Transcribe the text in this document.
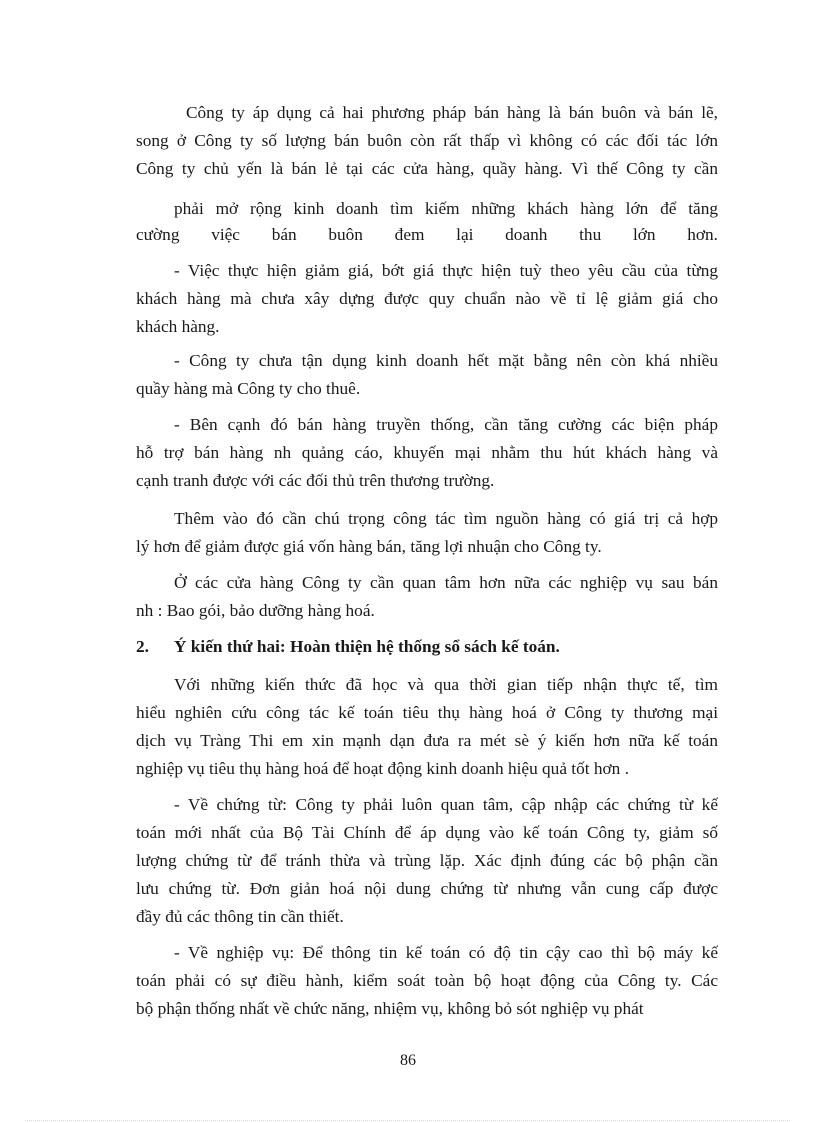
Công ty áp dụng cả hai phương pháp bán hàng là bán buôn và bán lẽ,
song ở Công ty số lượng bán buôn còn rất thấp vì không có các đối tác lớn
Công ty chủ yến là bán lẻ tại các cửa hàng, quầy hàng. Vì thế Công ty cần
phải mở rộng kinh doanh tìm kiếm những khách hàng lớn để tăng
cường việc bán buôn đem lại doanh thu lớn hơn.
- Việc thực hiện giảm giá, bớt giá thực hiện tuỳ theo yêu cầu của từng
khách hàng mà chưa xây dựng được quy chuẩn nào về tỉ lệ giảm giá cho
khách hàng.
- Công ty chưa tận dụng kinh doanh hết mặt bằng nên còn khá nhiều
quầy hàng mà Công ty cho thuê.
- Bên cạnh đó bán hàng truyền thống, cần tăng cường các biện pháp
hỗ trợ bán hàng nh quảng cáo, khuyến mại nhằm thu hút khách hàng và
cạnh tranh được với các đối thủ trên thương trường.
Thêm vào đó cần chú trọng công tác tìm nguồn hàng có giá trị cả hợp
lý hơn để giảm được giá vốn hàng bán, tăng lợi nhuận cho Công ty.
Ở các cửa hàng Công ty cần quan tâm hơn nữa các nghiệp vụ sau bán
nh : Bao gói, bảo dưỡng hàng hoá.
2. Ý kiến thứ hai: Hoàn thiện hệ thống sổ sách kế toán.
Với những kiến thức đã học và qua thời gian tiếp nhận thực tế, tìm
hiểu nghiên cứu công tác kế toán tiêu thụ hàng hoá ở Công ty thương mại
dịch vụ Tràng Thi em xin mạnh dạn đưa ra mét sè ý kiến hơn nữa kế toán
nghiệp vụ tiêu thụ hàng hoá để hoạt động kinh doanh hiệu quả tốt hơn .
- Về chứng từ: Công ty phải luôn quan tâm, cập nhập các chứng từ kế
toán mới nhất của Bộ Tài Chính để áp dụng vào kế toán Công ty, giảm số
lượng chứng từ để tránh thừa và trùng lặp. Xác định đúng các bộ phận cần
lưu chứng từ. Đơn giản hoá nội dung chứng từ nhưng vẫn cung cấp được
đầy đủ các thông tin cần thiết.
- Về nghiệp vụ: Để thông tin kế toán có độ tin cậy cao thì bộ máy kế
toán phải có sự điều hành, kiểm soát toàn bộ hoạt động của Công ty. Các
bộ phận thống nhất về chức năng, nhiệm vụ, không bỏ sót nghiệp vụ phát
86
